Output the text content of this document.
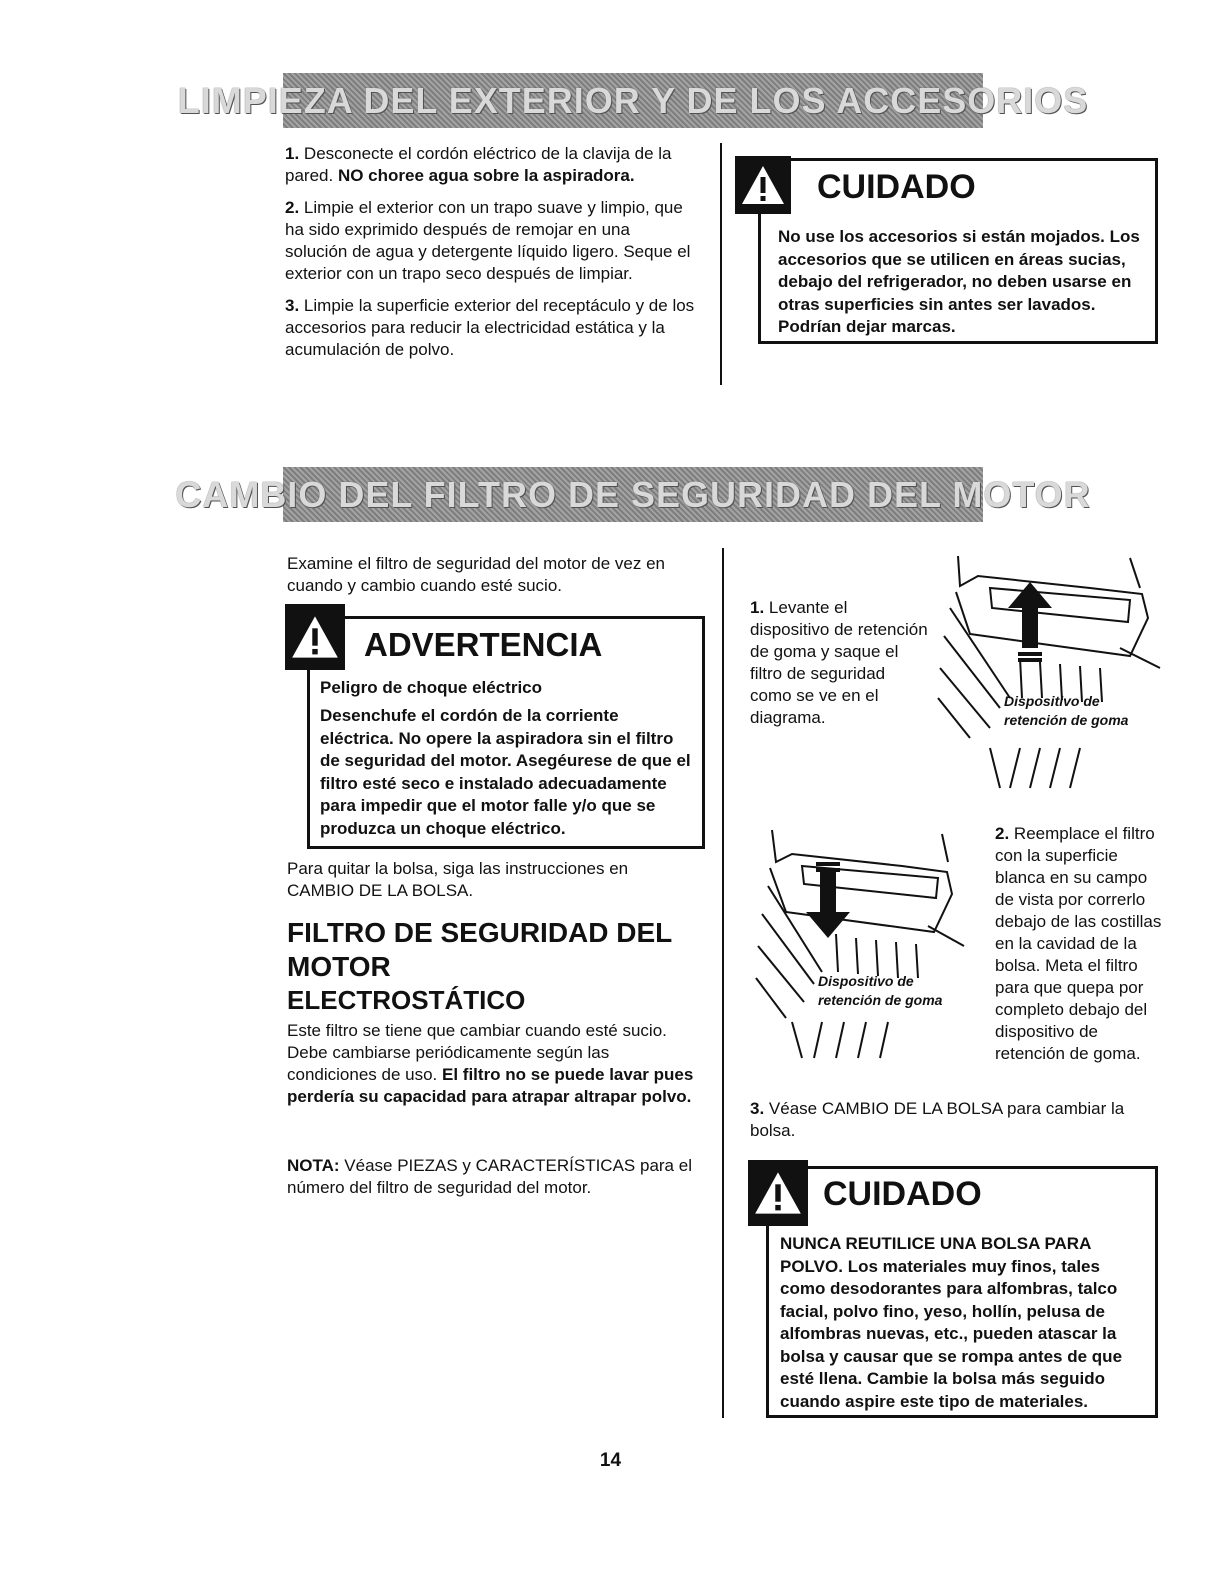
LIMPIEZA DEL EXTERIOR Y DE LOS ACCESORIOS

1. Desconecte el cordón eléctrico de la clavija de la pared. NO choree agua sobre la aspiradora.

2. Limpie el exterior con un trapo suave y limpio, que ha sido exprimido después de remojar en una solución de agua y detergente líquido ligero. Seque el exterior con un trapo seco después de limpiar.

3. Limpie la superficie exterior del receptáculo y de los accesorios para reducir la electricidad estática y la acumulación de polvo.

CUIDADO
No use los accesorios si están mojados. Los accesorios que se utilicen en áreas sucias, debajo del refrigerador, no deben usarse en otras superficies sin antes ser lavados. Podrían dejar marcas.
CAMBIO DEL FILTRO DE SEGURIDAD DEL MOTOR
Examine el filtro de seguridad del motor de vez en cuando y cambio cuando esté sucio.
ADVERTENCIA
Peligro de choque eléctrico
Desenchufe el cordón de la corriente eléctrica. No opere la aspiradora sin el filtro de seguridad del motor. Asegéurese de que el filtro esté seco e instalado adecuadamente para impedir que el motor falle y/o que se produzca un choque eléctrico.
Para quitar la bolsa, siga las instrucciones en CAMBIO DE LA BOLSA.
FILTRO DE SEGURIDAD DEL
MOTOR
ELECTROSTÁTICO

Este filtro se tiene que cambiar cuando esté sucio. Debe cambiarse periódicamente según las condiciones de uso. El filtro no se puede lavar pues perdería su capacidad para atrapar altrapar polvo.

NOTA: Véase PIEZAS y CARACTERÍSTICAS para el número del filtro de seguridad del motor.

1. Levante el dispositivo de retención de goma y saque el filtro de seguridad como se ve en el diagrama.
Dispositivo de
retención de goma
Dispositivo de
retención de goma
2. Reemplace el filtro con la superficie blanca en su campo de vista por correrlo debajo de las costillas en la cavidad de la bolsa. Meta el filtro para que quepa por completo debajo del dispositivo de retención de goma.
3. Véase CAMBIO DE LA BOLSA para cambiar la bolsa.
CUIDADO
NUNCA REUTILICE UNA BOLSA PARA POLVO. Los materiales muy finos, tales como desodorantes para alfombras, talco facial, polvo fino, yeso, hollín, pelusa de alfombras nuevas, etc., pueden atascar la bolsa y causar que se rompa antes de que esté llena. Cambie la bolsa más seguido cuando aspire este tipo de materiales.
14
